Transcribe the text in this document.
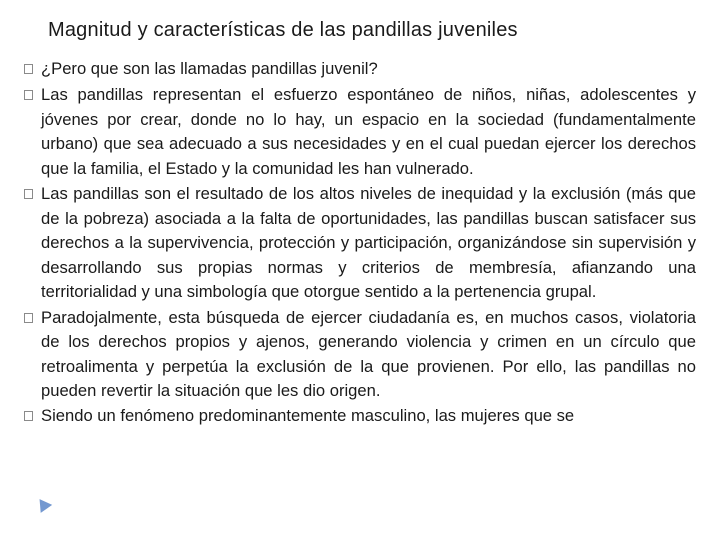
Magnitud y características de las pandillas juveniles
¿Pero que son las llamadas pandillas juvenil?
Las pandillas representan el esfuerzo espontáneo de niños, niñas, adolescentes y jóvenes por crear, donde no lo hay, un espacio en la sociedad (fundamentalmente urbano) que sea adecuado a sus necesidades y en el cual puedan ejercer los derechos que la familia, el Estado y la comunidad les han vulnerado.
Las pandillas son el resultado de los altos niveles de inequidad y la exclusión (más que de la pobreza) asociada a la falta de oportunidades, las pandillas buscan satisfacer sus derechos a la supervivencia, protección y participación, organizándose sin supervisión y desarrollando sus propias normas y criterios de membresía, afianzando una territorialidad y una simbología que otorgue sentido a la pertenencia grupal.
Paradojalmente, esta búsqueda de ejercer ciudadanía es, en muchos casos, violatoria de los derechos propios y ajenos, generando violencia y crimen en un círculo que retroalimenta y perpetúa la exclusión de la que provienen. Por ello, las pandillas no pueden revertir la situación que les dio origen.
Siendo un fenómeno predominantemente masculino, las mujeres que se
